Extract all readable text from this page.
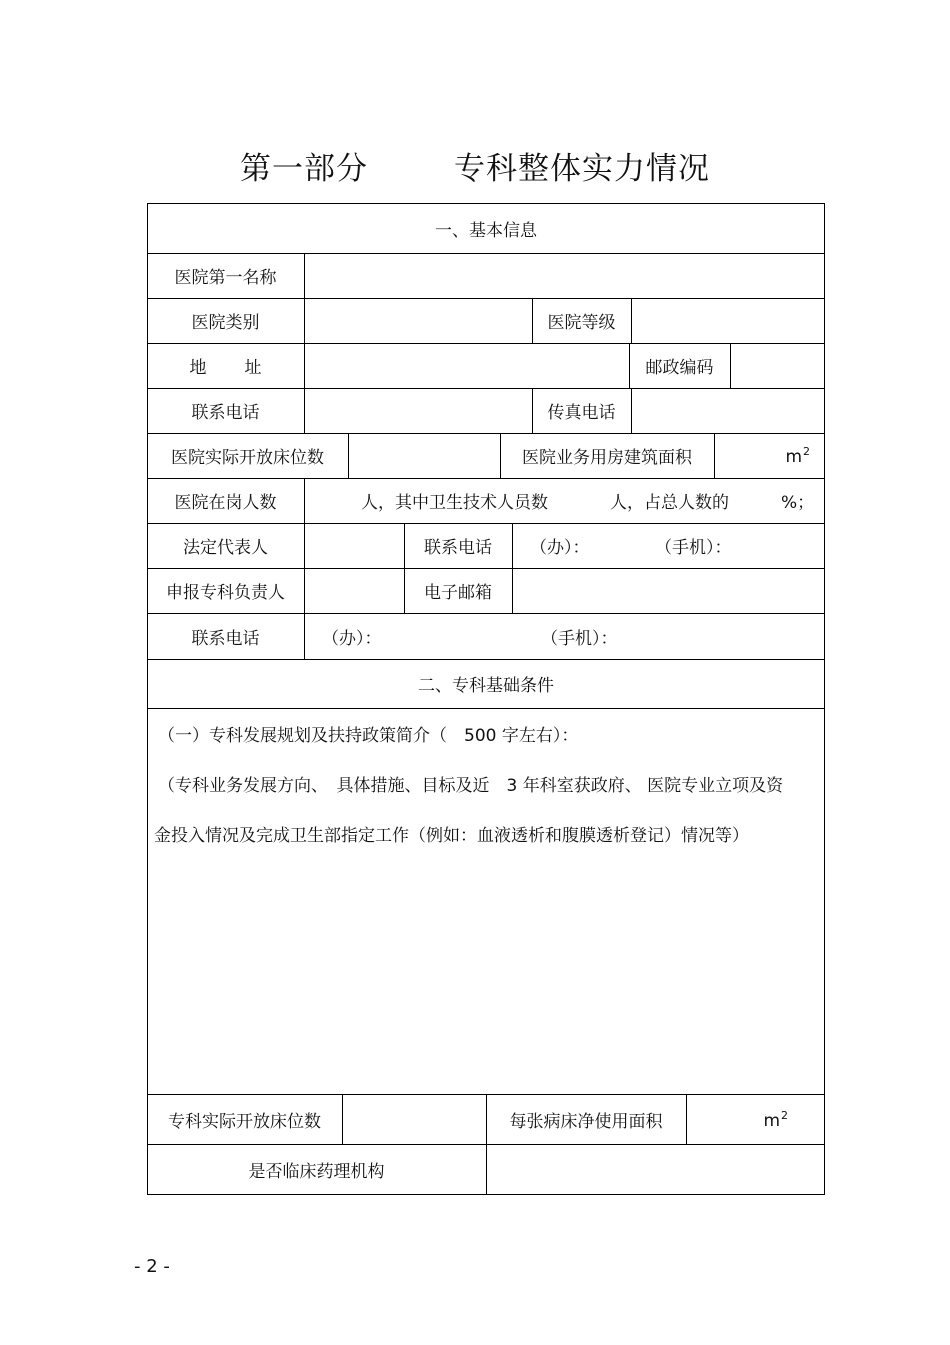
第一部分	专科整体实力情况
一、基本信息
医院第一名称
医院类别	医院等级
地 址	邮政编码
联系电话	传真电话
医院实际开放床位数	医院业务用房建筑面积	$m^2$
医院在岗人数	人，其中卫生技术人员数	人，占总人数的	%；
法定代表人	联系电话	（办）：	（手机）：
申报专科负责人	电子邮箱
联系电话	（办）：	（手机）：
二、专科基础条件
（一）专科发展规划及扶持政策简介（　500 字左右）：
（专科业务发展方向、　具体措施、目标及近　3 年科室获政府、 医院专业立项及资
金投入情况及完成卫生部指定工作（例如：血液透析和腹膜透析登记）情况等）
专科实际开放床位数	每张病床净使用面积	$m^2$
是否临床药理机构
- 2 -
